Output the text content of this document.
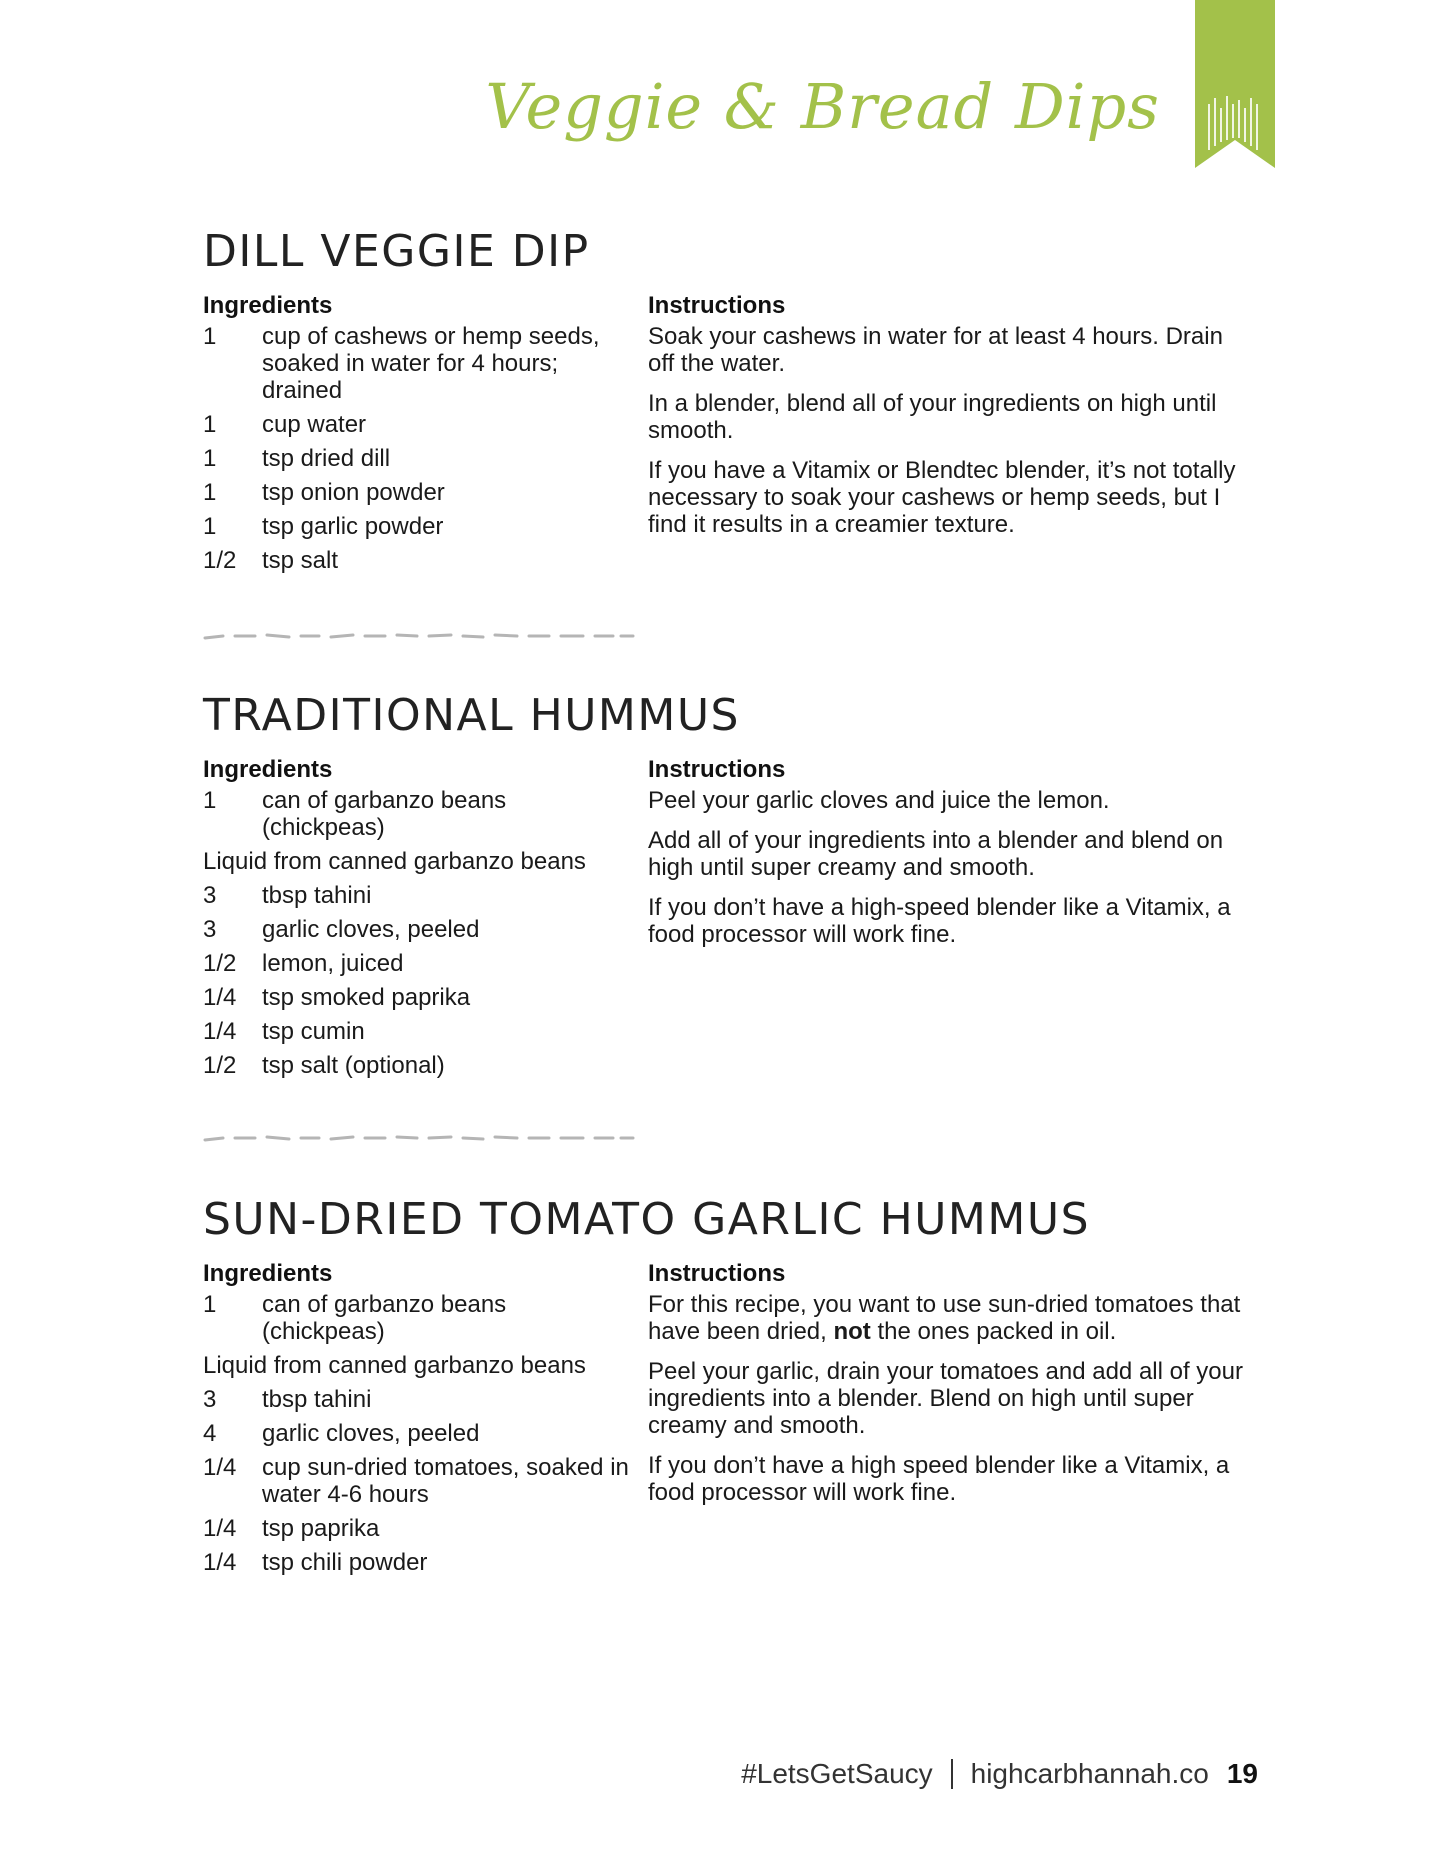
Veggie & Bread Dips
DILL VEGGIE DIP
Ingredients
1	cup of cashews or hemp seeds, soaked in water for 4 hours; drained
1	cup water
1	tsp dried dill
1	tsp onion powder
1	tsp garlic powder
1/2	tsp salt
Instructions

Soak your cashews in water for at least 4 hours. Drain off the water.

In a blender, blend all of your ingredients on high until smooth.

If you have a Vitamix or Blendtec blender, it’s not totally necessary to soak your cashews or hemp seeds, but I find it results in a creamier texture.

TRADITIONAL HUMMUS
Ingredients
1	can of garbanzo beans (chickpeas)
Liquid from canned garbanzo beans
3	tbsp tahini
3	garlic cloves, peeled
1/2	lemon, juiced
1/4	tsp smoked paprika
1/4	tsp cumin
1/2	tsp salt (optional)
Instructions

Peel your garlic cloves and juice the lemon.

Add all of your ingredients into a blender and blend on high until super creamy and smooth.

If you don’t have a high-speed blender like a Vitamix, a food processor will work fine.

SUN-DRIED TOMATO GARLIC HUMMUS
Ingredients
1	can of garbanzo beans (chickpeas)
Liquid from canned garbanzo beans
3	tbsp tahini
4	garlic cloves, peeled
1/4	cup sun-dried tomatoes, soaked in water 4-6 hours
1/4	tsp paprika
1/4	tsp chili powder
Instructions

For this recipe, you want to use sun-dried tomatoes that have been dried, not the ones packed in oil.

Peel your garlic, drain your tomatoes and add all of your ingredients into a blender. Blend on high until super creamy and smooth.

If you don’t have a high speed blender like a Vitamix, a food processor will work fine.

#LetsGetSaucy highcarbhannah.co 19
